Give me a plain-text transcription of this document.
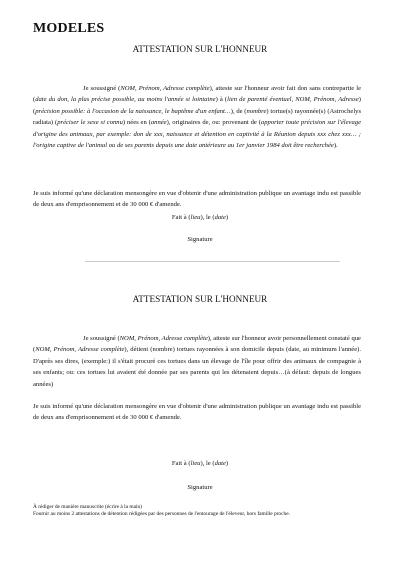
MODELES
ATTESTATION SUR L'HONNEUR
Je soussigné (NOM, Prénom, Adresse complète), atteste sur l'honneur avoir fait don sans contrepartie le (date du don, la plus précise possible, au moins l'année si lointaine) à (lien de parenté éventuel, NOM, Prénom, Adresse) (précision possible: à l'occasion de la naissance, le baptême d'un enfant…), de (nombre) tortue(s) rayonnée(s) (Astrochelys radiata) (préciser le sexe si connu) nées en (année), originaires de, ou: provenant de (apporter toute précision sur l'élevage d'origine des animaux, par exemple: don de xxx, naissance et détention en captivité à la Réunion depuis xxx chez xxx… ; l'origine captive de l'animal ou de ses parents depuis une date antérieure au 1er janvier 1984 doit être recherchée).
Je suis informé qu'une déclaration mensongère en vue d'obtenir d'une administration publique un avantage indu est passible de deux ans d'emprisonnement et de 30 000 € d'amende.
Fait à (lieu), le (date)
Signature
ATTESTATION SUR L'HONNEUR
Je soussigné (NOM, Prénom, Adresse complète), atteste sur l'honneur avoir personnellement constaté que (NOM, Prénom, Adresse complète), détient (nombre) tortues rayonnées à son domicile depuis (date, au minimum l'année). D'après ses dires, (exemple:) il s'était procuré ces tortues dans un élevage de l'île pour offrir des animaux de compagnie à ses enfants; ou: ces tortues lui avaient été donnée par ses parents qui les détenaient depuis…(à défaut: depuis de longues années)
Je suis informé qu'une déclaration mensongère en vue d'obtenir d'une administration publique un avantage indu est passible de deux ans d'emprisonnement et de 30 000 € d'amende.
Fait à (lieu), le (date)
Signature
À rédiger de manière manuscrite (écrire à la main)
Fournir au moins 2 attestations de détention rédigées par des personnes de l'entourage de l'éleveur, hors famille proche.
